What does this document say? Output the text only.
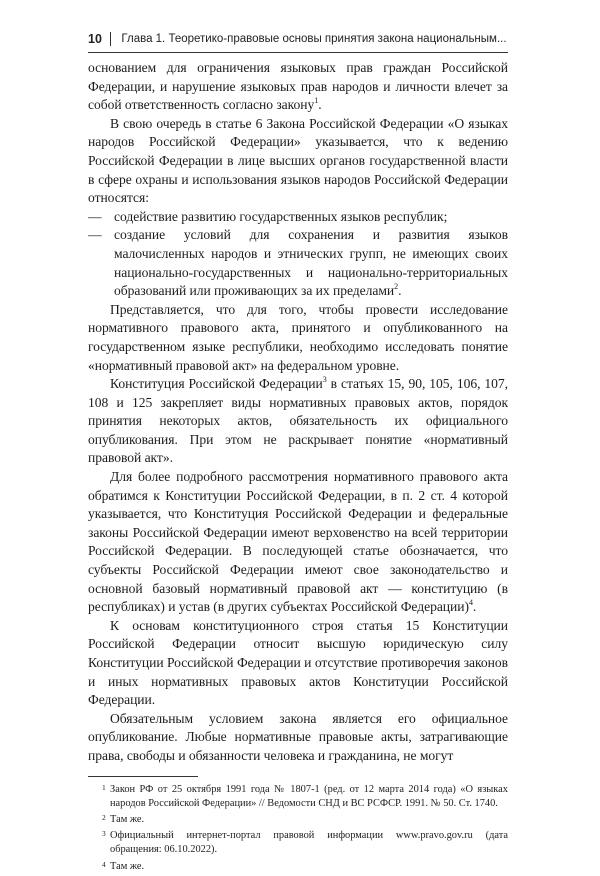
10 Глава 1. Теоретико-правовые основы принятия закона национальным...

основанием для ограничения языковых прав граждан Российской Федерации, и нарушение языковых прав народов и личности влечет за собой ответственность согласно закону$^1$.

В свою очередь в статье 6 Закона Российской Федерации «О языках народов Российской Федерации» указывается, что к ведению Российской Федерации в лице высших органов государственной власти в сфере охраны и использования языков народов Российской Федерации относятся:

— содействие развитию государственных языков республик;
— создание условий для сохранения и развития языков малочисленных народов и этнических групп, не имеющих своих национально-государственных и национально-территориальных образований или проживающих за их пределами$^2$.

Представляется, что для того, чтобы провести исследование нормативного правового акта, принятого и опубликованного на государственном языке республики, необходимо исследовать понятие «нормативный правовой акт» на федеральном уровне.

Конституция Российской Федерации$^3$ в статьях 15, 90, 105, 106, 107, 108 и 125 закрепляет виды нормативных правовых актов, порядок принятия некоторых актов, обязательность их официального опубликования. При этом не раскрывает понятие «нормативный правовой акт».

Для более подробного рассмотрения нормативного правового акта обратимся к Конституции Российской Федерации, в п. 2 ст. 4 которой указывается, что Конституция Российской Федерации и федеральные законы Российской Федерации имеют верховенство на всей территории Российской Федерации. В последующей статье обозначается, что субъекты Российской Федерации имеют свое законодательство и основной базовый нормативный правовой акт — конституцию (в республиках) и устав (в других субъектах Российской Федерации)$^4$.

К основам конституционного строя статья 15 Конституции Российской Федерации относит высшую юридическую силу Конституции Российской Федерации и отсутствие противоречия законов и иных нормативных правовых актов Конституции Российской Федерации.

Обязательным условием закона является его официальное опубликование. Любые нормативные правовые акты, затрагивающие права, свободы и обязанности человека и гражданина, не могут

1 Закон РФ от 25 октября 1991 года № 1807-1 (ред. от 12 марта 2014 года) «О языках народов Российской Федерации» // Ведомости СНД и ВС РСФСР. 1991. № 50. Ст. 1740.
2 Там же.
3 Официальный интернет-портал правовой информации www.pravo.gov.ru (дата обращения: 06.10.2022).
4 Там же.
